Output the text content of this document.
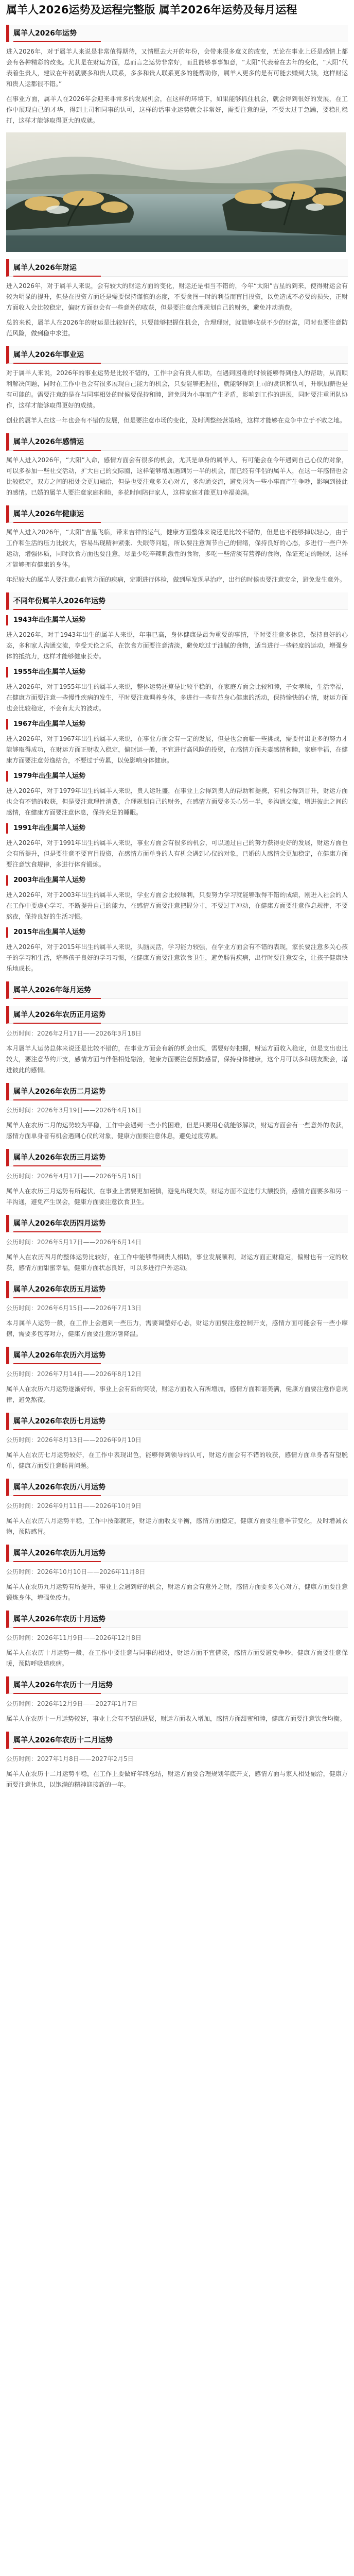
属羊人2026运势及运程完整版 属羊2026年运势及每月运程
属羊人2026年运势

进入2026年，对于属羊人来说是非常值得期待，又情愿去大开的年份，会带来很多意义的改变，无论在事业上还是感情上都会有各种精彩的改变。尤其是在财运方面，总而言之运势非常好，而且能够事事如意，“太阳”代表着在去年的变化，“大阳”代表着生贵人，建议在年初就要多和贵人联系，多多和贵人联系更多的能帮助你，属羊人更多的是有可能去赚到大钱，这样财运和贵人运都很不错。”

在事业方面，属羊人在2026年会迎来非常多的发展机会，在这样的环境下，如果能够抓住机会，就会得到很好的发展，在工作中展现自己的才华，得到上司和同事的认可，这样的话事业运势就会非常好，需要注意的是，不要太过于急躁，要稳扎稳打，这样才能够取得更大的成就。

属羊人2026年财运

进入2026年，对于属羊人来说，会有较大的财运方面的变化，财运还是相当不错的，今年“太阳”吉星的到来，使得财运会有较为明显的提升，但是在投资方面还是需要保持谨慎的态度，不要贪图一时的利益而盲目投资，以免造成不必要的损失，正财方面收入会比较稳定，偏财方面也会有一些意外的收获，但是要注意合理规划自己的财务，避免冲动消费。

总的来说，属羊人在2026年的财运是比较好的，只要能够把握住机会，合理理财，就能够收获不少的财富，同时也要注意防范风险，做到稳中求进。

属羊人2026年事业运

对于属羊人来说，2026年的事业运势是比较不错的，工作中会有贵人相助，在遇到困难的时候能够得到他人的帮助，从而顺利解决问题，同时在工作中也会有很多展现自己能力的机会，只要能够把握住，就能够得到上司的赏识和认可，升职加薪也是有可能的。需要注意的是在与同事相处的时候要保持和睦，避免因为小事而产生矛盾，影响到工作的进展，同时要注重团队协作，这样才能够取得更好的成绩。

创业的属羊人在这一年也会有不错的发展，但是要注意市场的变化，及时调整经营策略，这样才能够在竞争中立于不败之地。

属羊人2026年感情运

属羊人进入2026年，“大阳”入命，感情方面会有很多的机会，尤其是单身的属羊人，有可能会在今年遇到自己心仪的对象，可以多参加一些社交活动，扩大自己的交际圈，这样能够增加遇到另一半的机会，而已经有伴侣的属羊人，在这一年感情也会比较稳定，双方之间的相处会更加融洽，但是也要注意多关心对方，多沟通交流，避免因为一些小事而产生争吵，影响到彼此的感情。已婚的属羊人要注意家庭和睦，多花时间陪伴家人，这样家庭才能更加幸福美满。

属羊人2026年健康运

属羊人进入2026年，“太阳”吉星飞临，带来吉祥的运气，健康方面整体来说还是比较不错的，但是也不能够掉以轻心，由于工作和生活的压力比较大，容易出现精神紧张、失眠等问题，所以要注意调节自己的情绪，保持良好的心态，多进行一些户外运动，增强体质，同时饮食方面也要注意，尽量少吃辛辣刺激性的食物，多吃一些清淡有营养的食物，保证充足的睡眠，这样才能够拥有健康的身体。

年纪较大的属羊人要注意心血管方面的疾病，定期进行体检，做到早发现早治疗，出行的时候也要注意安全，避免发生意外。

不同年份属羊人2026年运势
1943年出生属羊人运势

进入2026年，对于1943年出生的属羊人来说，年事已高，身体健康是最为重要的事情，平时要注意多休息，保持良好的心态，多和家人沟通交流，享受天伦之乐，在饮食方面要注意清淡，避免吃过于油腻的食物，适当进行一些轻度的运动，增强身体的抵抗力，这样才能够健康长寿。

1955年出生属羊人运势

进入2026年，对于1955年出生的属羊人来说，整体运势还算是比较平稳的，在家庭方面会比较和睦，子女孝顺，生活幸福，在健康方面要注意一些慢性疾病的发生，平时要注意调养身体，多进行一些有益身心健康的活动，保持愉快的心情，财运方面也会比较稳定，不会有太大的波动。

1967年出生属羊人运势

进入2026年，对于1967年出生的属羊人来说，在事业方面会有一定的发展，但是也会面临一些挑战，需要付出更多的努力才能够取得成功，在财运方面正财收入稳定，偏财运一般，不宜进行高风险的投资，在感情方面夫妻感情和睦，家庭幸福，在健康方面要注意劳逸结合，不要过于劳累，以免影响身体健康。

1979年出生属羊人运势

进入2026年，对于1979年出生的属羊人来说，贵人运旺盛，在事业上会得到贵人的帮助和提携，有机会得到晋升，财运方面也会有不错的收获，但是要注意理性消费，合理规划自己的财务，在感情方面要多关心另一半，多沟通交流，增进彼此之间的感情，在健康方面要注意休息，保持充足的睡眠。

1991年出生属羊人运势

进入2026年，对于1991年出生的属羊人来说，事业方面会有很多的机会，可以通过自己的努力获得更好的发展，财运方面也会有所提升，但是要注意不要盲目投资，在感情方面单身的人有机会遇到心仪的对象，已婚的人感情会更加稳定，在健康方面要注意饮食规律，多进行体育锻炼。

2003年出生属羊人运势

进入2026年，对于2003年出生的属羊人来说，学业方面会比较顺利，只要努力学习就能够取得不错的成绩，刚进入社会的人在工作中要虚心学习，不断提升自己的能力，在感情方面要注意把握分寸，不要过于冲动，在健康方面要注意作息规律，不要熬夜，保持良好的生活习惯。

2015年出生属羊人运势

进入2026年，对于2015年出生的属羊人来说，头脑灵活，学习能力较强，在学业方面会有不错的表现，家长要注意多关心孩子的学习和生活，培养孩子良好的学习习惯，在健康方面要注意饮食卫生，避免肠胃疾病，出行时要注意安全，让孩子健康快乐地成长。

属羊人2026年每月运势
属羊人2026年农历正月运势

公历时间：2026年2月17日——2026年3月18日

本月属羊人运势总体来说还是比较不错的，在事业方面会有新的机会出现，需要好好把握，财运方面收入稳定，但是支出也比较大，要注意节约开支，感情方面与伴侣相处融洽，健康方面要注意预防感冒，保持身体健康，这个月可以多和朋友聚会，增进彼此的感情。

属羊人2026年农历二月运势

公历时间：2026年3月19日——2026年4月16日

属羊人在农历二月的运势较为平稳，工作中会遇到一些小的困难，但是只要用心就能够解决，财运方面会有一些意外的收获，感情方面单身者有机会遇到心仪的对象，健康方面要注意休息，避免过度劳累。

属羊人2026年农历三月运势

公历时间：2026年4月17日——2026年5月16日

属羊人在农历三月运势有所起伏，在事业上需要更加谨慎，避免出现失误，财运方面不宜进行大额投资，感情方面要多和另一半沟通，避免产生误会，健康方面要注意饮食卫生。

属羊人2026年农历四月运势

公历时间：2026年5月17日——2026年6月14日

属羊人在农历四月的整体运势比较好，在工作中能够得到贵人相助，事业发展顺利，财运方面正财稳定，偏财也有一定的收获，感情方面甜蜜幸福，健康方面状态良好，可以多进行户外运动。

属羊人2026年农历五月运势

公历时间：2026年6月15日——2026年7月13日

本月属羊人运势一般，在工作上会遇到一些压力，需要调整好心态，财运方面要注意控制开支，感情方面可能会有一些小摩擦，需要多包容对方，健康方面要注意防暑降温。

属羊人2026年农历六月运势

公历时间：2026年7月14日——2026年8月12日

属羊人在农历六月运势逐渐好转，事业上会有新的突破，财运方面收入有所增加，感情方面和谐美满，健康方面要注意作息规律，避免熬夜。

属羊人2026年农历七月运势

公历时间：2026年8月13日——2026年9月10日

属羊人在农历七月运势较好，在工作中表现出色，能够得到领导的认可，财运方面会有不错的收获，感情方面单身者有望脱单，健康方面要注意肠胃问题。

属羊人2026年农历八月运势

公历时间：2026年9月11日——2026年10月9日

属羊人在农历八月运势平稳，工作中按部就班，财运方面收支平衡，感情方面稳定，健康方面要注意季节变化，及时增减衣物，预防感冒。

属羊人2026年农历九月运势

公历时间：2026年10月10日——2026年11月8日

属羊人在农历九月运势有所提升，事业上会遇到好的机会，财运方面会有意外之财，感情方面要多关心对方，健康方面要注意锻炼身体，增强免疫力。

属羊人2026年农历十月运势

公历时间：2026年11月9日——2026年12月8日

属羊人在农历十月运势一般，在工作中要注意与同事的相处，财运方面不宜借贷，感情方面要避免争吵，健康方面要注意保暖，预防呼吸道疾病。

属羊人2026年农历十一月运势

公历时间：2026年12月9日——2027年1月7日

属羊人在农历十一月运势较好，事业上会有不错的进展，财运方面收入增加，感情方面甜蜜和睦，健康方面要注意饮食均衡。

属羊人2026年农历十二月运势

公历时间：2027年1月8日——2027年2月5日

属羊人在农历十二月运势平稳，在工作上要做好年终总结，财运方面要合理规划年底开支，感情方面与家人相处融洽，健康方面要注意休息，以饱满的精神迎接新的一年。
